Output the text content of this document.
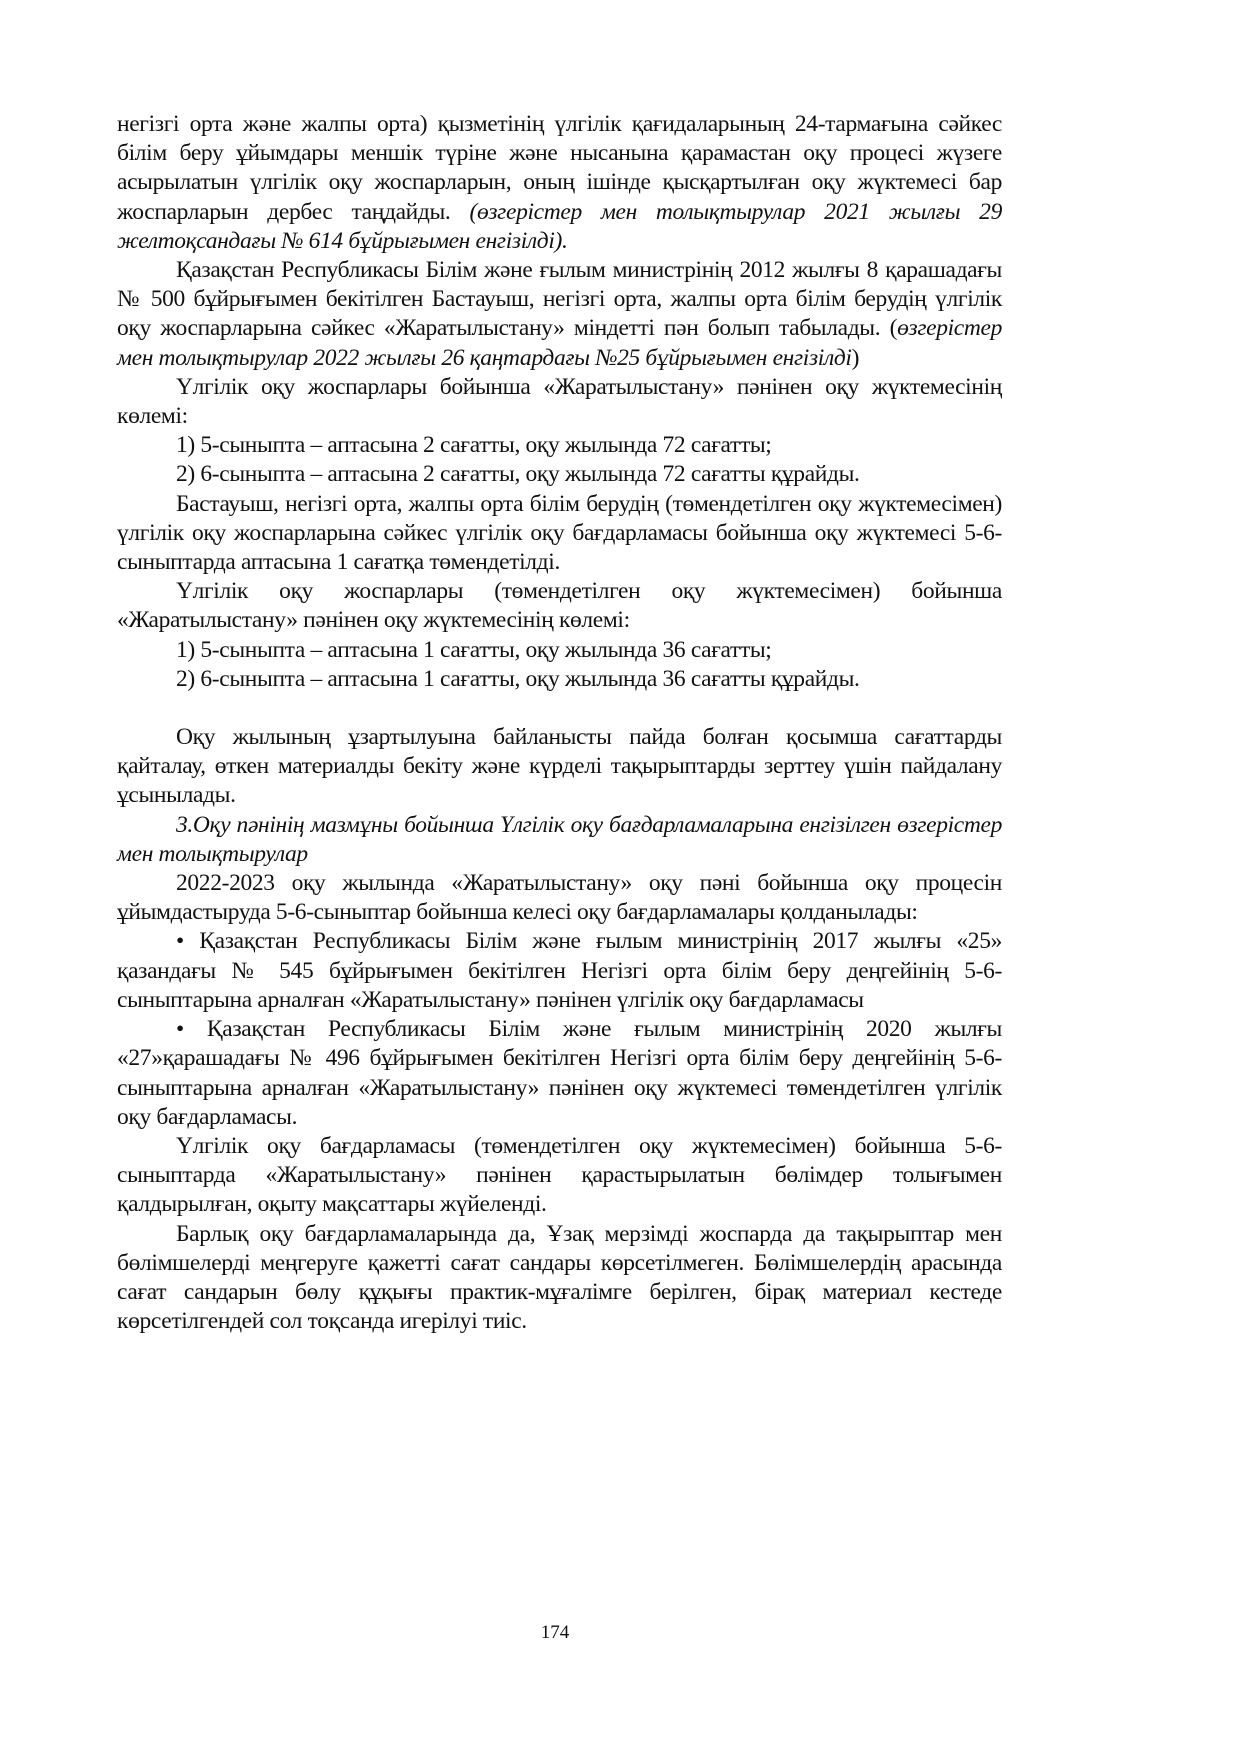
негізгі орта және жалпы орта) қызметінің үлгілік қағидаларының 24-тармағына сәйкес білім беру ұйымдары меншік түріне және нысанына қарамастан оқу процесі жүзеге асырылатын үлгілік оқу жоспарларын, оның ішінде қысқартылған оқу жүктемесі бар жоспарларын дербес таңдайды. (өзгерістер мен толықтырулар 2021 жылғы 29 желтоқсандағы № 614 бұйрығымен енгізілді).

Қазақстан Республикасы Білім және ғылым министрінің 2012 жылғы 8 қарашадағы № 500 бұйрығымен бекітілген Бастауыш, негізгі орта, жалпы орта білім берудің үлгілік оқу жоспарларына сәйкес «Жаратылыстану» міндетті пән болып табылады. (өзгерістер мен толықтырулар 2022 жылғы 26 қаңтардағы №25 бұйрығымен енгізілді)

Үлгілік оқу жоспарлары бойынша «Жаратылыстану» пәнінен оқу жүктемесінің көлемі:

1) 5-сыныпта – аптасына 2 сағатты, оқу жылында 72 сағатты;

2) 6-сыныпта – аптасына 2 сағатты, оқу жылында 72 сағатты құрайды.

Бастауыш, негізгі орта, жалпы орта білім берудің (төмендетілген оқу жүктемесімен) үлгілік оқу жоспарларына сәйкес үлгілік оқу бағдарламасы бойынша оқу жүктемесі 5-6-сыныптарда аптасына 1 сағатқа төмендетілді.

Үлгілік оқу жоспарлары (төмендетілген оқу жүктемесімен) бойынша «Жаратылыстану» пәнінен оқу жүктемесінің көлемі:

1) 5-сыныпта – аптасына 1 сағатты, оқу жылында 36 сағатты;

2) 6-сыныпта – аптасына 1 сағатты, оқу жылында 36 сағатты құрайды.

Оқу жылының ұзартылуына байланысты пайда болған қосымша сағаттарды қайталау, өткен материалды бекіту және күрделі тақырыптарды зерттеу үшін пайдалану ұсынылады.

3.Оқу пәнінің мазмұны бойынша Үлгілік оқу бағдарламаларына енгізілген өзгерістер мен толықтырулар

2022-2023 оқу жылында «Жаратылыстану» оқу пәні бойынша оқу процесін ұйымдастыруда 5-6-сыныптар бойынша келесі оқу бағдарламалары қолданылады:

• Қазақстан Республикасы Білім және ғылым министрінің 2017 жылғы «25» қазандағы № 545 бұйрығымен бекітілген Негізгі орта білім беру деңгейінің 5-6-сыныптарына арналған «Жаратылыстану» пәнінен үлгілік оқу бағдарламасы

• Қазақстан Республикасы Білім және ғылым министрінің 2020 жылғы «27»қарашадағы № 496 бұйрығымен бекітілген Негізгі орта білім беру деңгейінің 5-6-сыныптарына арналған «Жаратылыстану» пәнінен оқу жүктемесі төмендетілген үлгілік оқу бағдарламасы.

Үлгілік оқу бағдарламасы (төмендетілген оқу жүктемесімен) бойынша 5-6-сыныптарда «Жаратылыстану» пәнінен қарастырылатын бөлімдер толығымен қалдырылған, оқыту мақсаттары жүйеленді.

Барлық оқу бағдарламаларында да, Ұзақ мерзімді жоспарда да тақырыптар мен бөлімшелерді меңгеруге қажетті сағат сандары көрсетілмеген. Бөлімшелердің арасында сағат сандарын бөлу құқығы практик-мұғалімге берілген, бірақ материал кестеде көрсетілгендей сол тоқсанда игерілуі тиіс.

174
